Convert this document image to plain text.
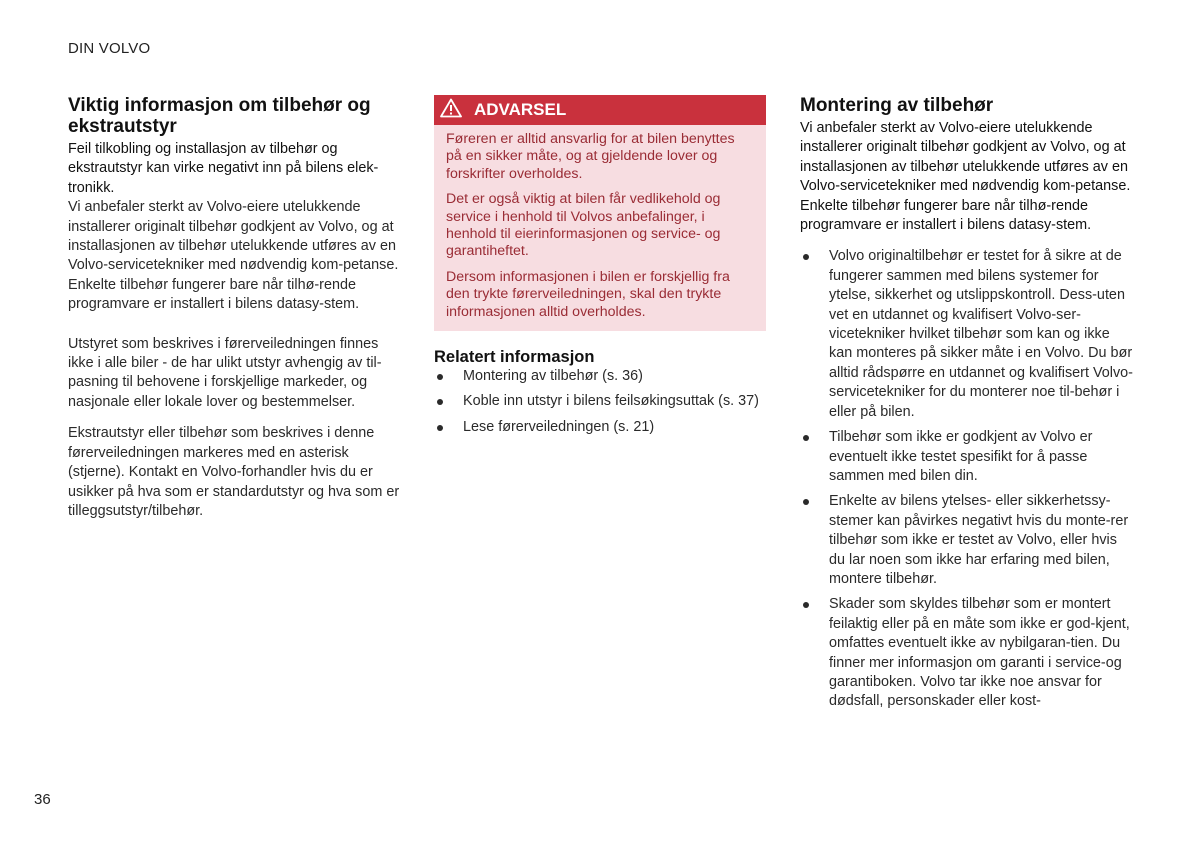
DIN VOLVO
Viktig informasjon om tilbehør og ekstrautstyr

Feil tilkobling og installasjon av tilbehør og ekstrautstyr kan virke negativt inn på bilens elek-tronikk.

Vi anbefaler sterkt av Volvo-eiere utelukkende installerer originalt tilbehør godkjent av Volvo, og at installasjonen av tilbehør utelukkende utføres av en Volvo-servicetekniker med nødvendig kom-petanse. Enkelte tilbehør fungerer bare når tilhø-rende programvare er installert i bilens datasy-stem.

Utstyret som beskrives i førerveiledningen finnes ikke i alle biler - de har ulikt utstyr avhengig av til-pasning til behovene i forskjellige markeder, og nasjonale eller lokale lover og bestemmelser.

Ekstrautstyr eller tilbehør som beskrives i denne førerveiledningen markeres med en asterisk (stjerne). Kontakt en Volvo-forhandler hvis du er usikker på hva som er standardutstyr og hva som er tilleggsutstyr/tilbehør.

ADVARSEL

Føreren er alltid ansvarlig for at bilen benyttes på en sikker måte, og at gjeldende lover og forskrifter overholdes.

Det er også viktig at bilen får vedlikehold og service i henhold til Volvos anbefalinger, i henhold til eierinformasjonen og service- og garantiheftet.

Dersom informasjonen i bilen er forskjellig fra den trykte førerveiledningen, skal den trykte informasjonen alltid overholdes.

Relatert informasjon
Montering av tilbehør (s. 36)
Koble inn utstyr i bilens feilsøkingsuttak (s. 37)
Lese førerveiledningen (s. 21)
Montering av tilbehør

Vi anbefaler sterkt av Volvo-eiere utelukkende installerer originalt tilbehør godkjent av Volvo, og at installasjonen av tilbehør utelukkende utføres av en Volvo-servicetekniker med nødvendig kom-petanse. Enkelte tilbehør fungerer bare når tilhø-rende programvare er installert i bilens datasy-stem.

Volvo originaltilbehør er testet for å sikre at de fungerer sammen med bilens systemer for ytelse, sikkerhet og utslippskontroll. Dess-uten vet en utdannet og kvalifisert Volvo-ser-vicetekniker hvilket tilbehør som kan og ikke kan monteres på sikker måte i en Volvo. Du bør alltid rådspørre en utdannet og kvalifisert Volvo-servicetekniker for du monterer noe til-behør i eller på bilen.
Tilbehør som ikke er godkjent av Volvo er eventuelt ikke testet spesifikt for å passe sammen med bilen din.
Enkelte av bilens ytelses- eller sikkerhetssy-stemer kan påvirkes negativt hvis du monte-rer tilbehør som ikke er testet av Volvo, eller hvis du lar noen som ikke har erfaring med bilen, montere tilbehør.
Skader som skyldes tilbehør som er montert feilaktig eller på en måte som ikke er god-kjent, omfattes eventuelt ikke av nybilgaran-tien. Du finner mer informasjon om garanti i service-og garantiboken. Volvo tar ikke noe ansvar for dødsfall, personskader eller kost-
36
